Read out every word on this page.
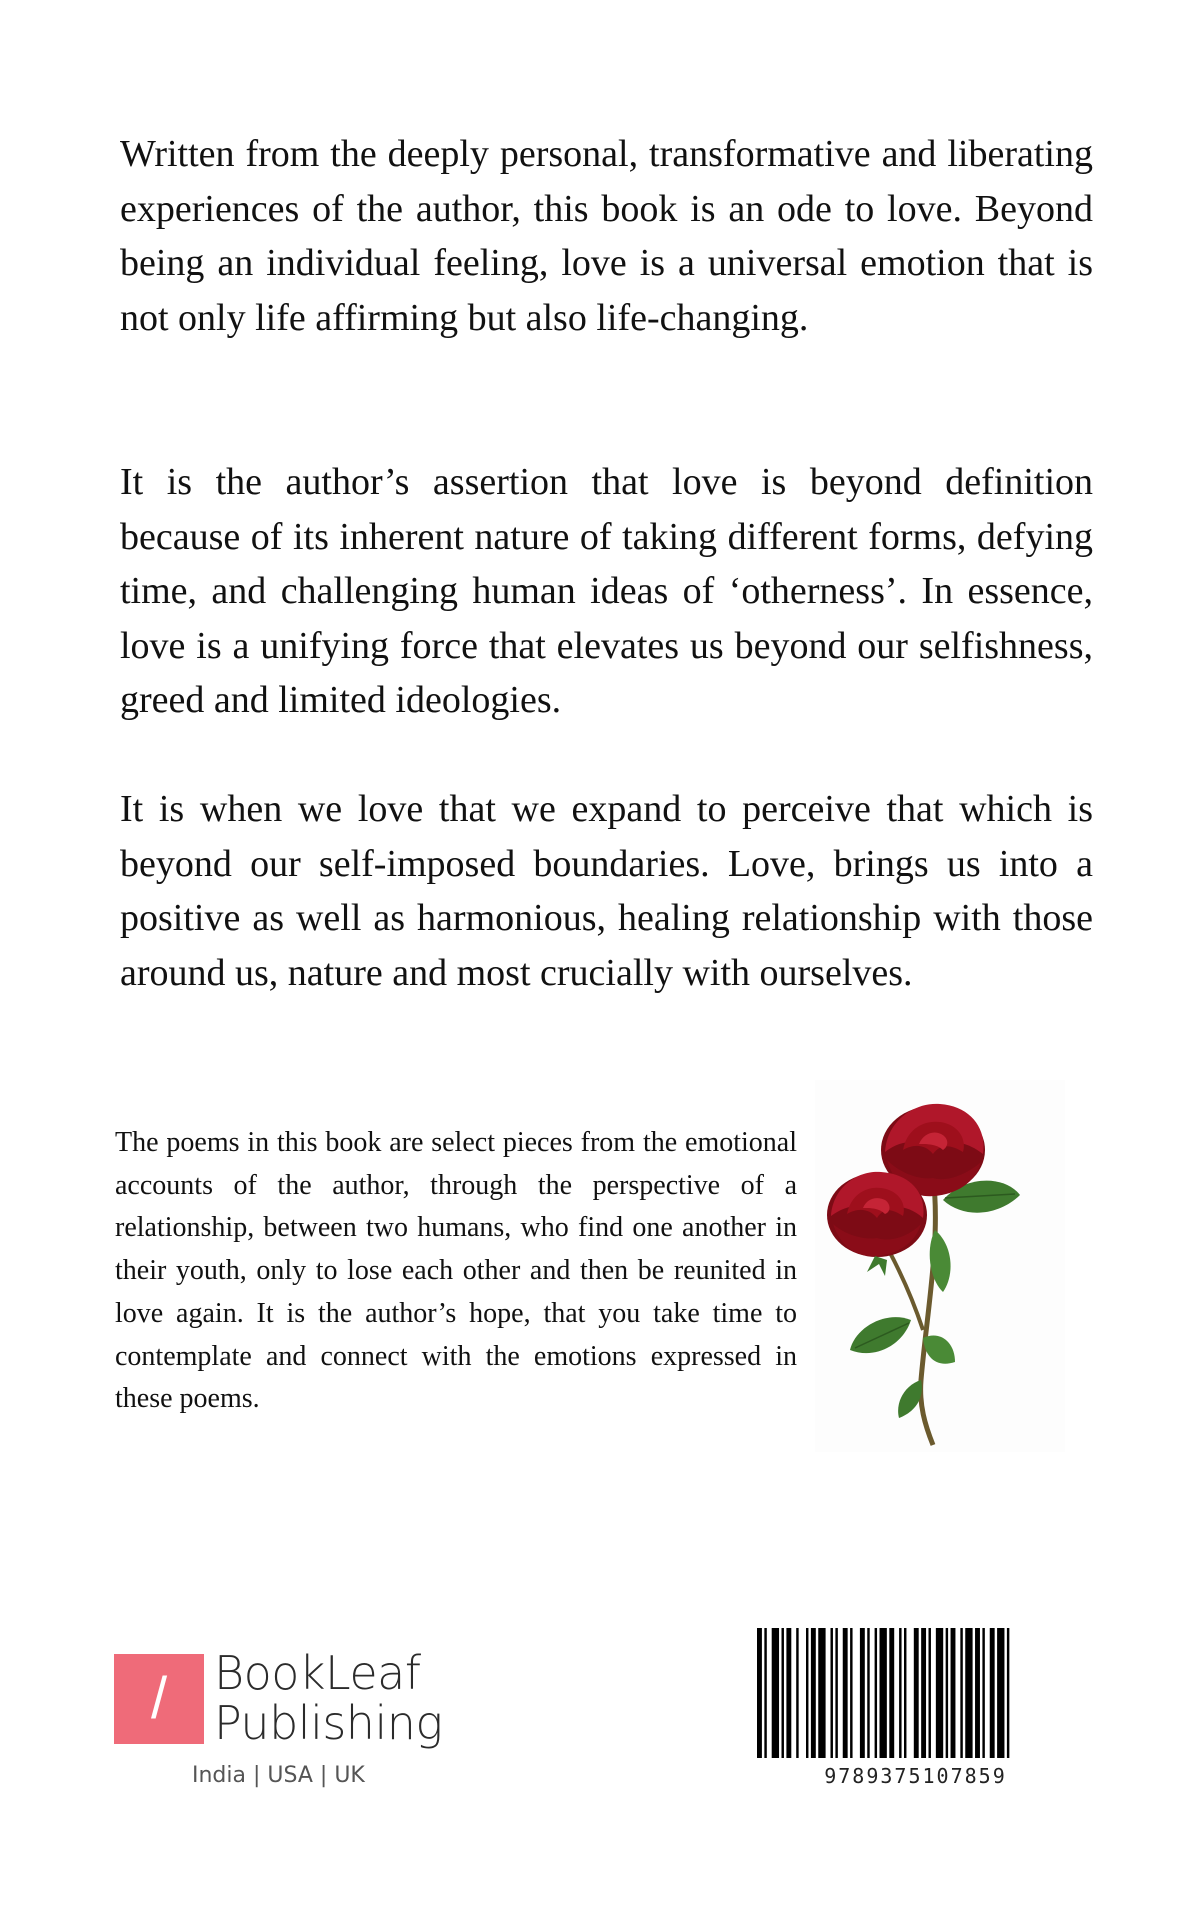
Written from the deeply personal, transformative and liberating experiences of the author, this book is an ode to love. Beyond being an individual feeling, love is a universal emotion that is not only life affirming but also life-changing.

It is the author’s assertion that love is beyond definition because of its inherent nature of taking different forms, defying time, and challenging human ideas of ‘otherness’. In essence, love is a unifying force that elevates us beyond our selfishness, greed and limited ideologies.

It is when we love that we expand to perceive that which is beyond our self-imposed boundaries. Love, brings us into a positive as well as harmonious, healing relationship with those around us, nature and most crucially with ourselves.

The poems in this book are select pieces from the emotional accounts of the author, through the perspective of a relationship, between two humans, who find one another in their youth, only to lose each other and then be reunited in love again. It is the author’s hope, that you take time to contemplate and connect with the emotions expressed in these poems.

/	BookLeaf
Publishing
India | USA | UK	9789375107859
